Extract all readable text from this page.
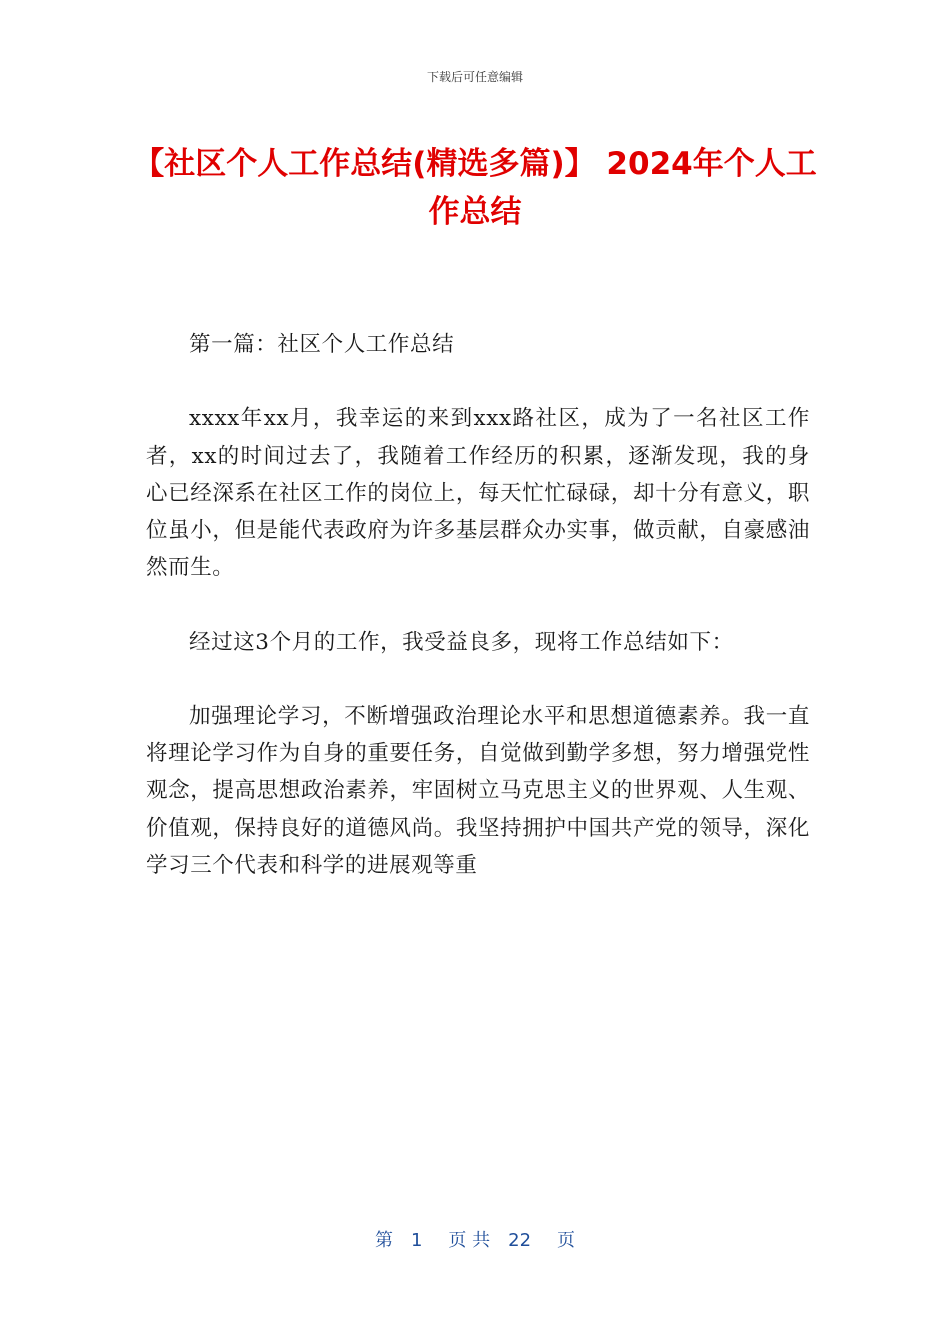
下载后可任意编辑
【社区个人工作总结(精选多篇)】 2024年个人工作总结

第一篇：社区个人工作总结

xxxx年xx月，我幸运的来到xxx路社区，成为了一名社区工作者，xx的时间过去了，我随着工作经历的积累，逐渐发现，我的身心已经深系在社区工作的岗位上，每天忙忙碌碌，却十分有意义，职位虽小，但是能代表政府为许多基层群众办实事，做贡献，自豪感油然而生。

经过这3个月的工作，我受益良多，现将工作总结如下：

加强理论学习，不断增强政治理论水平和思想道德素养。我一直将理论学习作为自身的重要任务，自觉做到勤学多想，努力增强党性观念，提高思想政治素养，牢固树立马克思主义的世界观、人生观、价值观，保持良好的道德风尚。我坚持拥护中国共产党的领导，深化学习三个代表和科学的进展观等重

第 1 页 共 22 页
